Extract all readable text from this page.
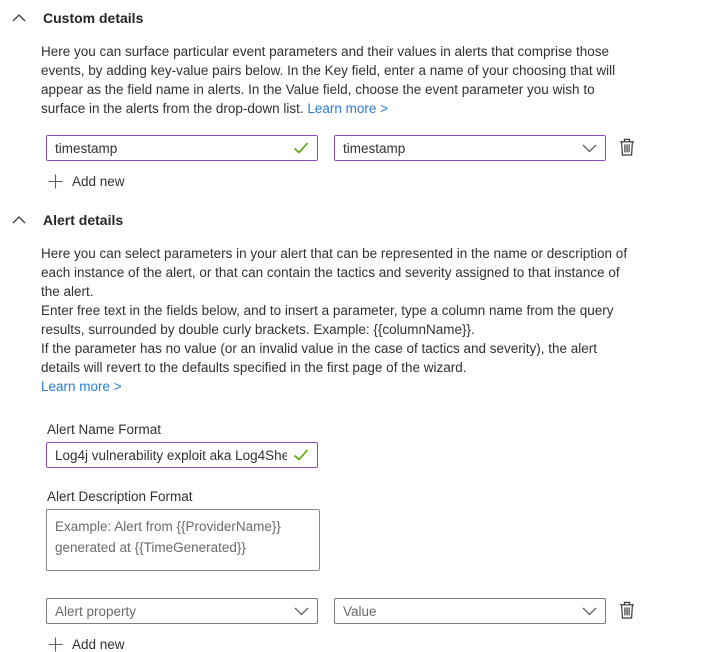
Custom details
Here you can surface particular event parameters and their values in alerts that comprise those events, by adding key-value pairs below. In the Key field, enter a name of your choosing that will appear as the field name in alerts. In the Value field, choose the event parameter you wish to surface in the alerts from the drop-down list. Learn more >
timestamp
timestamp
Add new
Alert details
Here you can select parameters in your alert that can be represented in the name or description of each instance of the alert, or that can contain the tactics and severity assigned to that instance of the alert.
Enter free text in the fields below, and to insert a parameter, type a column name from the query results, surrounded by double curly brackets. Example: {{columnName}}.
If the parameter has no value (or an invalid value in the case of tactics and severity), the alert details will revert to the defaults specified in the first page of the wizard.
Learn more >
Alert Name Format
Log4j vulnerability exploit aka Log4Shell ...
Alert Description Format
Example: Alert from {{ProviderName}} generated at {{TimeGenerated}}
Alert property	Value
Add new
